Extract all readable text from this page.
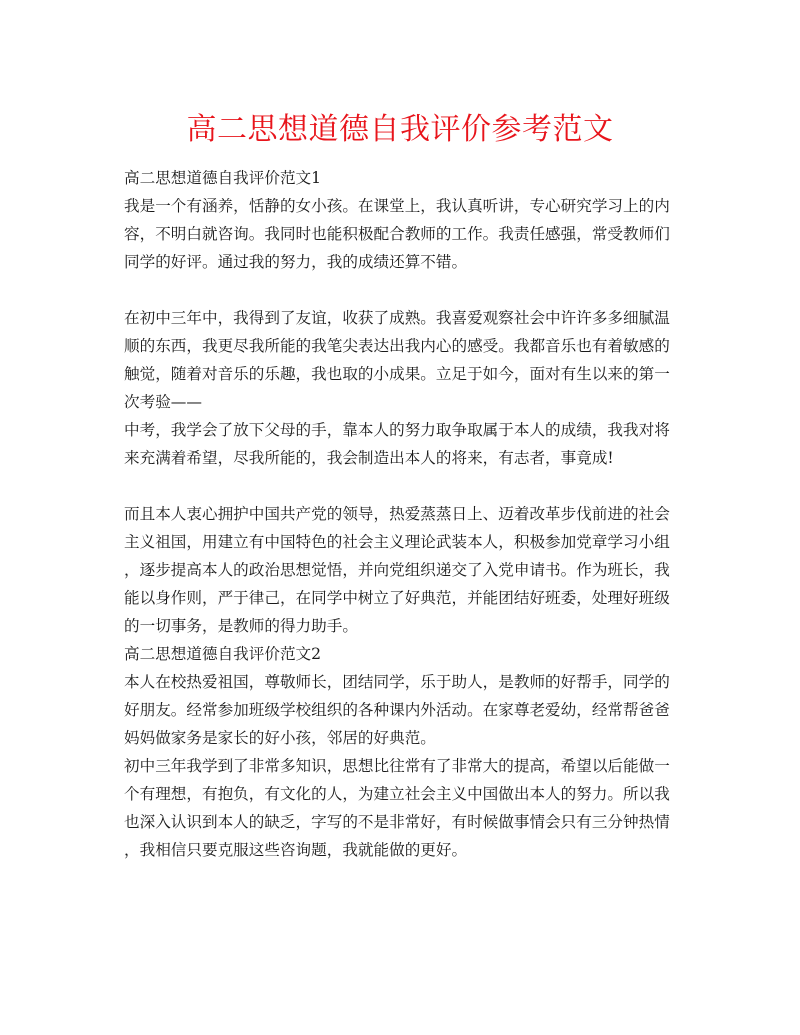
高二思想道德自我评价参考范文

高二思想道德自我评价范文1

我是一个有涵养，恬静的女小孩。在课堂上，我认真听讲，专心研究学习上的内

容，不明白就咨询。我同时也能积极配合教师的工作。我责任感强，常受教师们

同学的好评。通过我的努力，我的成绩还算不错。

在初中三年中，我得到了友谊，收获了成熟。我喜爱观察社会中许许多多细腻温

顺的东西，我更尽我所能的我笔尖表达出我内心的感受。我都音乐也有着敏感的

触觉，随着对音乐的乐趣，我也取的小成果。立足于如今，面对有生以来的第一

次考验——

中考，我学会了放下父母的手，靠本人的努力取争取属于本人的成绩，我我对将

来充满着希望，尽我所能的，我会制造出本人的将来，有志者，事竟成!

而且本人衷心拥护中国共产党的领导，热爱蒸蒸日上、迈着改革步伐前进的社会

主义祖国，用建立有中国特色的社会主义理论武装本人，积极参加党章学习小组

，逐步提高本人的政治思想觉悟，并向党组织递交了入党申请书。作为班长，我

能以身作则，严于律己，在同学中树立了好典范，并能团结好班委，处理好班级

的一切事务，是教师的得力助手。

高二思想道德自我评价范文2

本人在校热爱祖国，尊敬师长，团结同学，乐于助人，是教师的好帮手，同学的

好朋友。经常参加班级学校组织的各种课内外活动。在家尊老爱幼，经常帮爸爸

妈妈做家务是家长的好小孩，邻居的好典范。

初中三年我学到了非常多知识，思想比往常有了非常大的提高，希望以后能做一

个有理想，有抱负，有文化的人，为建立社会主义中国做出本人的努力。所以我

也深入认识到本人的缺乏，字写的不是非常好，有时候做事情会只有三分钟热情

，我相信只要克服这些咨询题，我就能做的更好。
